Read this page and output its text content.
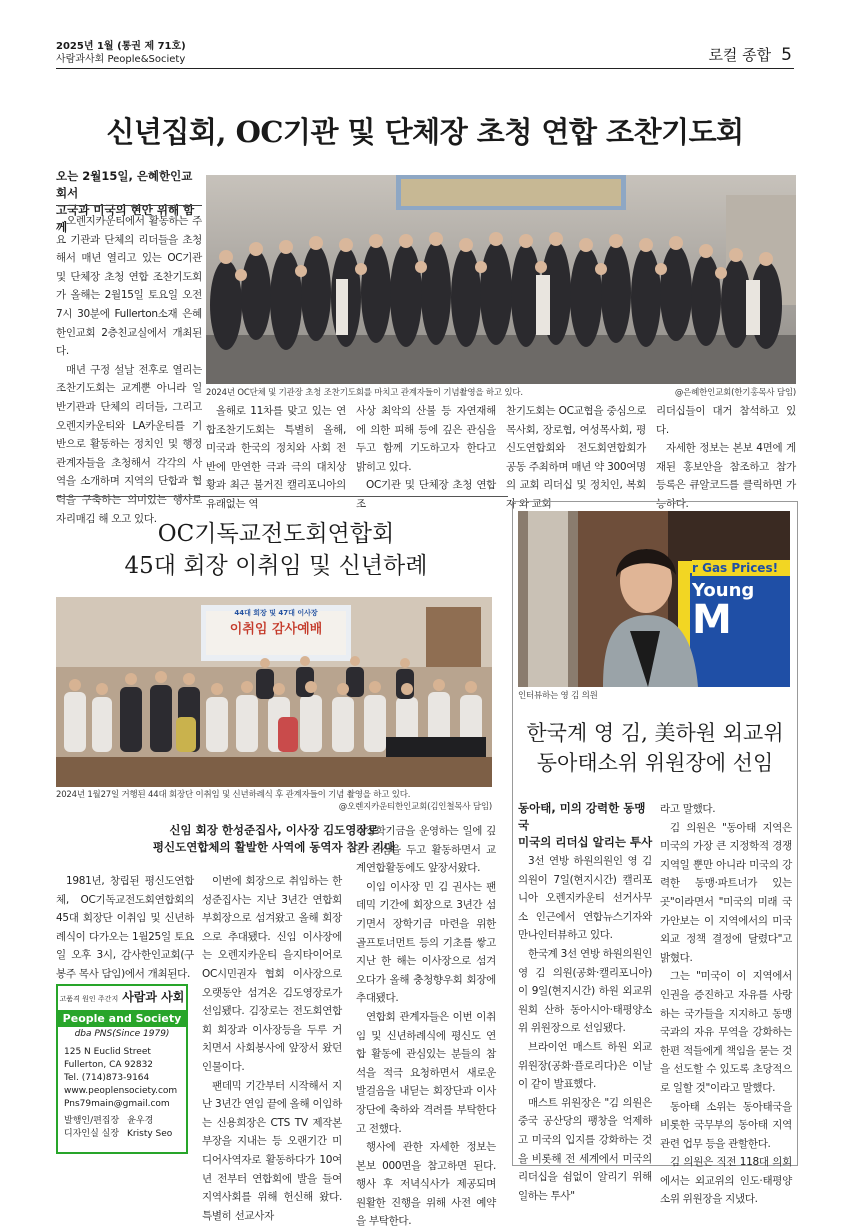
2025년 1월 (통권 제 71호)
사람과사회 People&Society	로컬 종합 5
신년집회, OC기관 및 단체장 초청 연합 조찬기도회
오는 2월15일, 은혜한인교회서
고국과 미국의 현안 위해 함께

오렌지카운티에서 활동하는 주요 기관과 단체의 리더들을 초청해서 매년 열리고 있는 OC기관 및 단체장 초청 연합 조찬기도회가 올해는 2월15일 토요일 오전 7시 30분에 Fullerton소재 은혜한인교회 2층친교실에서 개최된다.

매년 구정 설날 전후로 열리는 조찬기도회는 교계뿐 아니라 일반기관과 단체의 리더들, 그리고 오렌지카운티와 LA카운티를 기반으로 활동하는 정치인 및 행정관계자들을 초청해서 각각의 사역을 소개하며 지역의 단합과 협력을 구축하는 의미있는 행사로 자리매김 해 오고 있다.

2024년 OC단체 및 기관장 초청 조찬기도회를 마치고 관계자들이 기념촬영을 하고 있다.	@은혜한인교회(한기홍목사 담임)

올해로 11차를 맞고 있는 연합조찬기도회는 특별히 올해, 미국과 한국의 정치와 사회 전반에 만연한 극과 극의 대치상황과 최근 불거진 캘리포니아의 유래없는 역

사상 최악의 산불 등 자연재해에 의한 피해 등에 깊은 관심을 두고 함께 기도하고자 한다고 밝히고 있다.

OC기관 및 단체장 초청 연합 조

찬기도회는 OC교협을 중심으로 목사회, 장로협, 여성목사회, 평신도연합회와 전도회연합회가 공동 주최하며 매년 약 300여명의 교회 리더십 및 정치인, 복회자 와 교회

리더십들이 대거 참석하고 있다.

자세한 정보는 본보 4면에 게재된 홍보안을 참조하고 참가 등록은 큐알코드를 클릭하면 가능하다.

OC기독교전도회연합회
45대 회장 이취임 및 신년하례
44대 회장 및 47대 이사장
이취임 감사예배
2024년 1월27일 거행된 44대 회장단 이취임 및 신년하례식 후 관계자들이 기념 촬영을 하고 있다.
@오렌지카운티한인교회(김인철목사 담임)
신임 회장 한성준집사, 이사장 김도영장로
평신도연합체의 활발한 사역에 동역자 참가 기대

1981년, 창립된 평신도연합체, OC기독교전도회연합회의 45대 회장단 이취임 및 신년하례식이 다가오는 1월25일 토요일 오후 3시, 감사한인교회(구봉주 목사 담임)에서 개최된다.

고품격 원인 주간지 사람과 사회
People and Society
dba PNS(Since 1979)
125 N Euclid Street
Fullerton, CA 92832
Tel. (714)873-9164
www.peoplensociety.com
Pns79main@gmail.com
발행인/편집장 윤우경
디자인실 실장 Kristy Seo

이번에 회장으로 취임하는 한성준집사는 지난 3년간 연합회 부회장으로 섬겨왔고 올해 회장으로 추대됐다. 신임 이사장에는 오렌지카운티 을지타이어로 OC시민권자 협회 이사장으로 오랫동안 섬겨온 김도영장로가 선임됐다. 김장로는 전도회연합회 회장과 이사장등을 두루 거치면서 사회봉사에 앞장서 왔던 인물이다.

팬데믹 기간부터 시작해서 지난 3년간 연임 끝에 올해 이임하는 신용희장은 CTS TV 제작본부장을 지내는 등 오랜기간 미디어사역자로 활동하다가 10여년 전부터 연합회에 발을 들여 지역사회를 위해 헌신해 왔다. 특별히 선교사자

녀장학기금을 운영하는 일에 깊은 관심을 두고 활동하면서 교계연합활동에도 앞장서왔다.

이임 이사장 민 김 권사는 팬데믹 기간에 회장으로 3년간 섬기면서 장학기금 마련을 위한 골프토너먼트 등의 기초를 쌓고 지난 한 해는 이사장으로 섬겨오다가 올해 충청향우회 회장에 추대됐다.

연합회 관계자들은 이번 이취임 및 신년하례식에 평신도 연합 활동에 관심있는 분들의 참석을 적극 요청하면서 새로운 발걸음을 내딛는 회장단과 이사장단에 축하와 격려를 부탁한다고 전했다.

행사에 관한 자세한 정보는 본보 000면을 참고하면 된다. 행사 후 저녁식사가 제공되며 원활한 진행을 위해 사전 예약을 부탁한다.

r Gas Prices!
Young
M
인터뷰하는 영 김 의원
한국계 영 김, 美하원 외교위
동아태소위 위원장에 선임
동아태, 미의 강력한 동맹국
미국의 리더십 알리는 투사

3선 연방 하원의원인 영 김 의원이 7일(현지시간) 캘리포니아 오렌지카운티 선거사무소 인근에서 연합뉴스기자와 만나인터뷰하고 있다.

한국계 3선 연방 하원의원인 영 김 의원(공화·캘리포니아)이 9일(현지시간) 하원 외교위원회 산하 동아시아·태평양소위 위원장으로 선임됐다.

브라이언 매스트 하원 외교위원장(공화·플로리다)은 이날 이 같이 발표했다.

매스트 위원장은 "김 의원은 중국 공산당의 팽창을 억제하고 미국의 입지를 강화하는 것을 비롯해 전 세계에서 미국의 리더십을 쉼없이 알리기 위해 일하는 투사"

라고 말했다.

김 의원은 "동아태 지역은 미국의 가장 큰 지정학적 경쟁지역일 뿐만 아니라 미국의 강력한 동맹·파트너가 있는 곳"이라면서 "미국의 미래 국가안보는 이 지역에서의 미국 외교 정책 결정에 달렸다"고 밝혔다.

그는 "미국이 이 지역에서 인권을 증진하고 자유를 사랑하는 국가들을 지지하고 동맹국과의 자유 무역을 강화하는 한편 적들에게 책임을 묻는 것을 선도할 수 있도록 초당적으로 일할 것"이라고 말했다.

동아태 소위는 동아태국을 비롯한 국무부의 동아태 지역 관련 업무 등을 관할한다.

김 의원은 직전 118대 의회에서는 외교위의 인도·태평양 소위 위원장을 지냈다.
